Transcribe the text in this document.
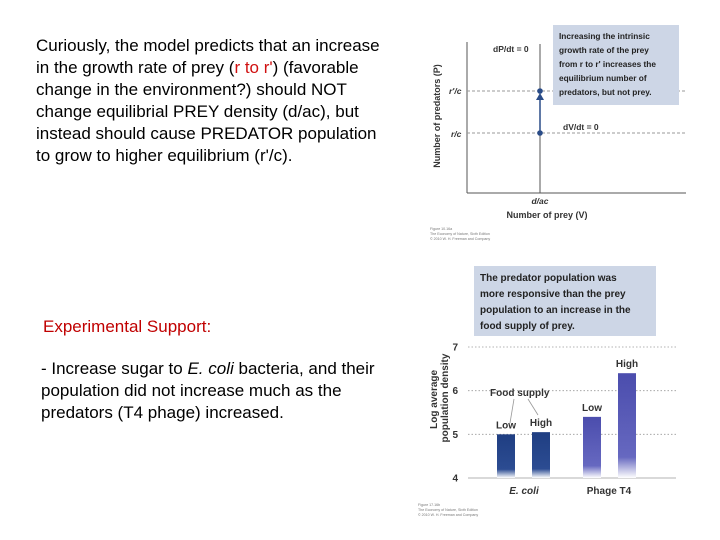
Curiously, the model predicts that an increase in the growth rate of prey (r to r') (favorable change in the environment?) should NOT change equilibrial PREY density (d/ac), but instead should cause PREDATOR population to grow to higher equilibrium (r'/c).
Experimental Support:
- Increase sugar to E. coli bacteria, and their population did not increase much as the predators (T4 phage) increased.
Number of predators (P)
dP/dt = 0
dV/dt = 0
r'/c
r/c
d/ac
Number of prey (V)
Increasing the intrinsic growth rate of the prey from r to r' increases the equilibrium number of predators, but not prey.
Figure 10.16a The Economy of Nature, Sixth Edition © 2010 W. H. Freeman and Company
4
5
6
7
Log average population density	Low High
Low
High
Food supply
E. coli	Phage T4
The predator population was more responsive than the prey population to an increase in the food supply of prey.
Figure 17.16b The Economy of Nature, Sixth Edition © 2010 W. H. Freeman and Company
